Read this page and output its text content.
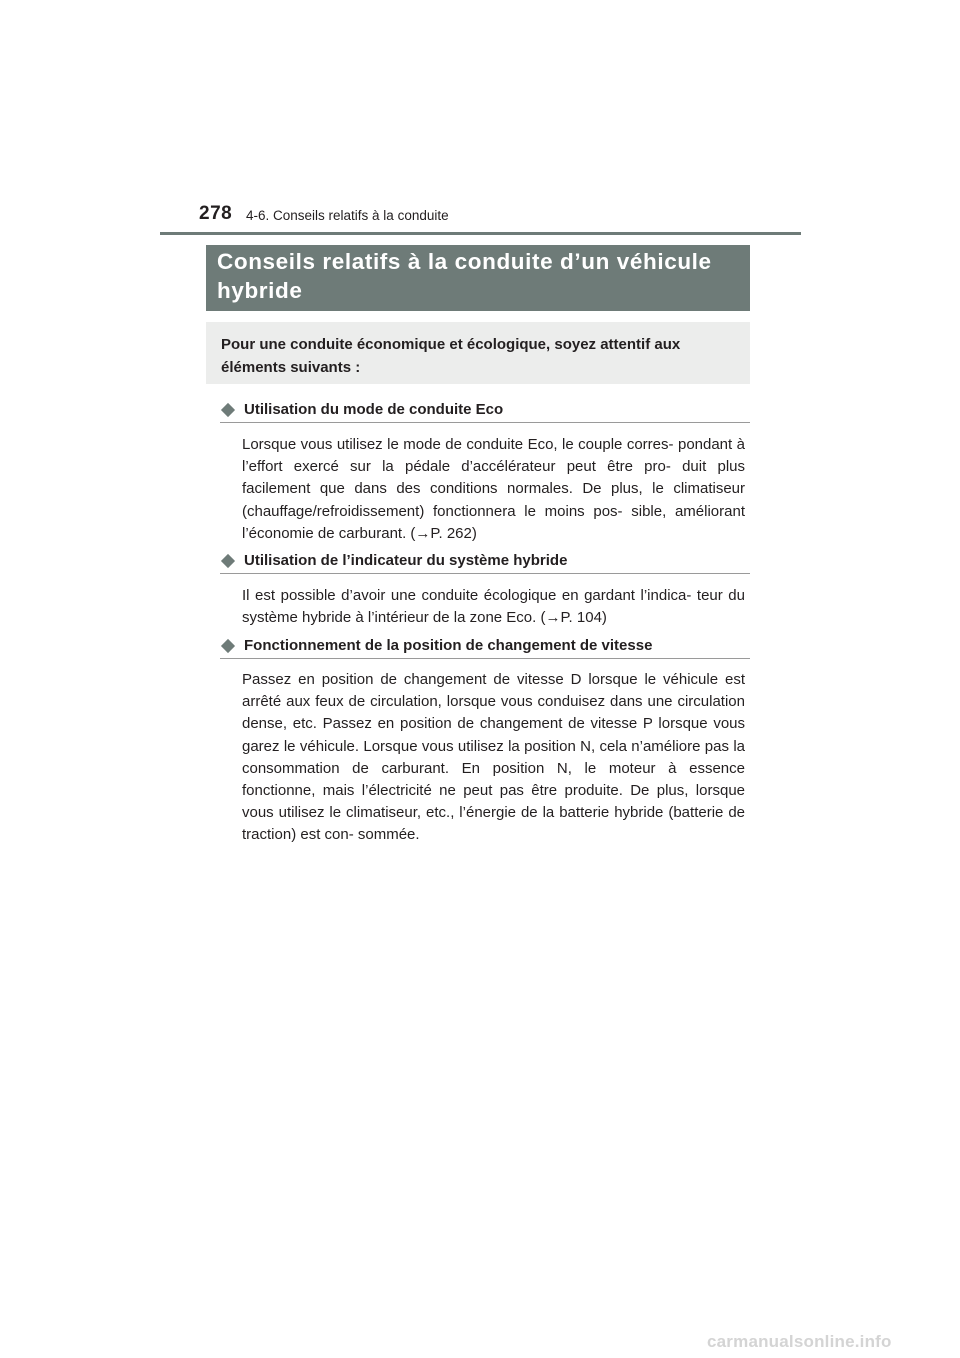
278 4-6. Conseils relatifs à la conduite
Conseils relatifs à la conduite d’un véhicule hybride
Pour une conduite économique et écologique, soyez attentif aux éléments suivants :
Utilisation du mode de conduite Eco
Lorsque vous utilisez le mode de conduite Eco, le couple corres- pondant à l’effort exercé sur la pédale d’accélérateur peut être pro- duit plus facilement que dans des conditions normales. De plus, le climatiseur (chauffage/refroidissement) fonctionnera le moins pos- sible, améliorant l’économie de carburant. (→P. 262)
Utilisation de l’indicateur du système hybride
Il est possible d’avoir une conduite écologique en gardant l’indica- teur du système hybride à l’intérieur de la zone Eco. (→P. 104)
Fonctionnement de la position de changement de vitesse
Passez en position de changement de vitesse D lorsque le véhicule est arrêté aux feux de circulation, lorsque vous conduisez dans une circulation dense, etc. Passez en position de changement de vitesse P lorsque vous garez le véhicule. Lorsque vous utilisez la position N, cela n’améliore pas la consommation de carburant. En position N, le moteur à essence fonctionne, mais l’électricité ne peut pas être produite. De plus, lorsque vous utilisez le climatiseur, etc., l’énergie de la batterie hybride (batterie de traction) est con- sommée.
carmanualsonline.info
